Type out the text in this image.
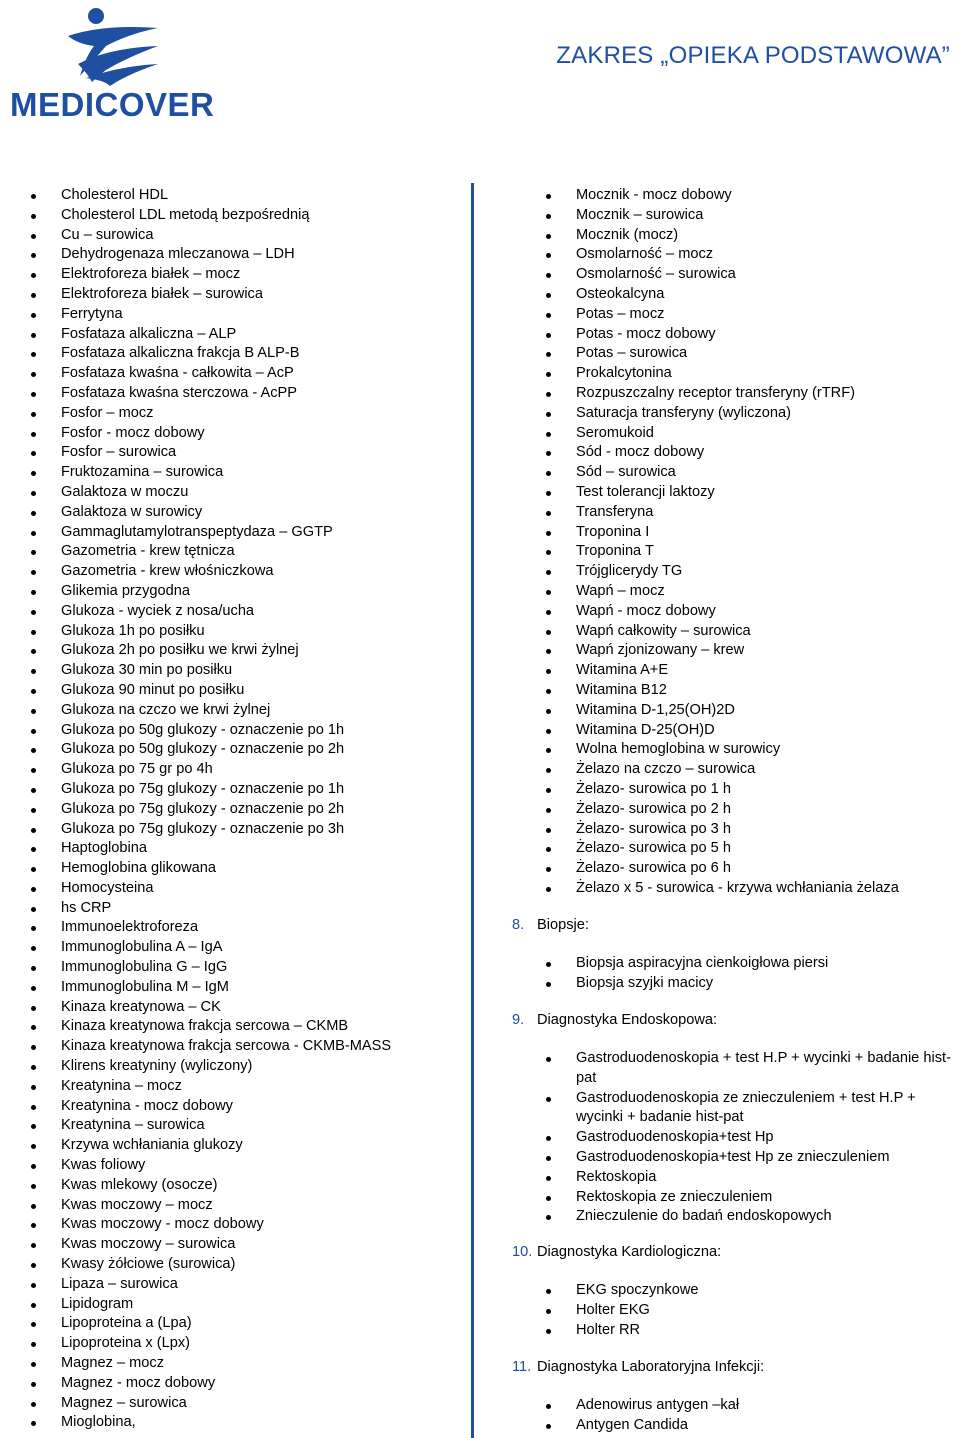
MEDICOVER
ZAKRES „OPIEKA PODSTAWOWA”
Cholesterol HDL
Cholesterol LDL metodą bezpośrednią
Cu – surowica
Dehydrogenaza mleczanowa – LDH
Elektroforeza białek – mocz
Elektroforeza białek – surowica
Ferrytyna
Fosfataza alkaliczna – ALP
Fosfataza alkaliczna frakcja B ALP-B
Fosfataza kwaśna - całkowita – AcP
Fosfataza kwaśna sterczowa - AcPP
Fosfor – mocz
Fosfor - mocz dobowy
Fosfor – surowica
Fruktozamina – surowica
Galaktoza w moczu
Galaktoza w surowicy
Gammaglutamylotranspeptydaza – GGTP
Gazometria - krew tętnicza
Gazometria - krew włośniczkowa
Glikemia przygodna
Glukoza - wyciek z nosa/ucha
Glukoza 1h po posiłku
Glukoza 2h po posiłku we krwi żylnej
Glukoza 30 min po posiłku
Glukoza 90 minut po posiłku
Glukoza na czczo we krwi żylnej
Glukoza po 50g glukozy - oznaczenie po 1h
Glukoza po 50g glukozy - oznaczenie po 2h
Glukoza po 75 gr po 4h
Glukoza po 75g glukozy - oznaczenie po 1h
Glukoza po 75g glukozy - oznaczenie po 2h
Glukoza po 75g glukozy - oznaczenie po 3h
Haptoglobina
Hemoglobina glikowana
Homocysteina
hs CRP
Immunoelektroforeza
Immunoglobulina A – IgA
Immunoglobulina G – IgG
Immunoglobulina M – IgM
Kinaza kreatynowa – CK
Kinaza kreatynowa frakcja sercowa – CKMB
Kinaza kreatynowa frakcja sercowa - CKMB-MASS
Klirens kreatyniny (wyliczony)
Kreatynina – mocz
Kreatynina - mocz dobowy
Kreatynina – surowica
Krzywa wchłaniania glukozy
Kwas foliowy
Kwas mlekowy (osocze)
Kwas moczowy – mocz
Kwas moczowy - mocz dobowy
Kwas moczowy – surowica
Kwasy żółciowe (surowica)
Lipaza – surowica
Lipidogram
Lipoproteina a (Lpa)
Lipoproteina x (Lpx)
Magnez – mocz
Magnez - mocz dobowy
Magnez – surowica
Mioglobina,
Mocznik - mocz dobowy
Mocznik – surowica
Mocznik (mocz)
Osmolarność – mocz
Osmolarność – surowica
Osteokalcyna
Potas – mocz
Potas - mocz dobowy
Potas – surowica
Prokalcytonina
Rozpuszczalny receptor transferyny (rTRF)
Saturacja transferyny (wyliczona)
Seromukoid
Sód - mocz dobowy
Sód – surowica
Test tolerancji laktozy
Transferyna
Troponina I
Troponina T
Trójglicerydy TG
Wapń – mocz
Wapń - mocz dobowy
Wapń całkowity – surowica
Wapń zjonizowany – krew
Witamina A+E
Witamina B12
Witamina D-1,25(OH)2D
Witamina D-25(OH)D
Wolna hemoglobina w surowicy
Żelazo na czczo – surowica
Żelazo- surowica po 1 h
Żelazo- surowica po 2 h
Żelazo- surowica po 3 h
Żelazo- surowica po 5 h
Żelazo- surowica po 6 h
Żelazo x 5 - surowica - krzywa wchłaniania żelaza
8. Biopsje:
Biopsja aspiracyjna cienkoigłowa piersi
Biopsja szyjki macicy
9. Diagnostyka Endoskopowa:
Gastroduodenoskopia + test H.P + wycinki + badanie hist-pat
Gastroduodenoskopia ze znieczuleniem + test H.P + wycinki + badanie hist-pat
Gastroduodenoskopia+test Hp
Gastroduodenoskopia+test Hp ze znieczuleniem
Rektoskopia
Rektoskopia ze znieczuleniem
Znieczulenie do badań endoskopowych
10. Diagnostyka Kardiologiczna:
EKG spoczynkowe
Holter EKG
Holter RR
11. Diagnostyka Laboratoryjna Infekcji:
Adenowirus antygen –kał
Antygen Candida
